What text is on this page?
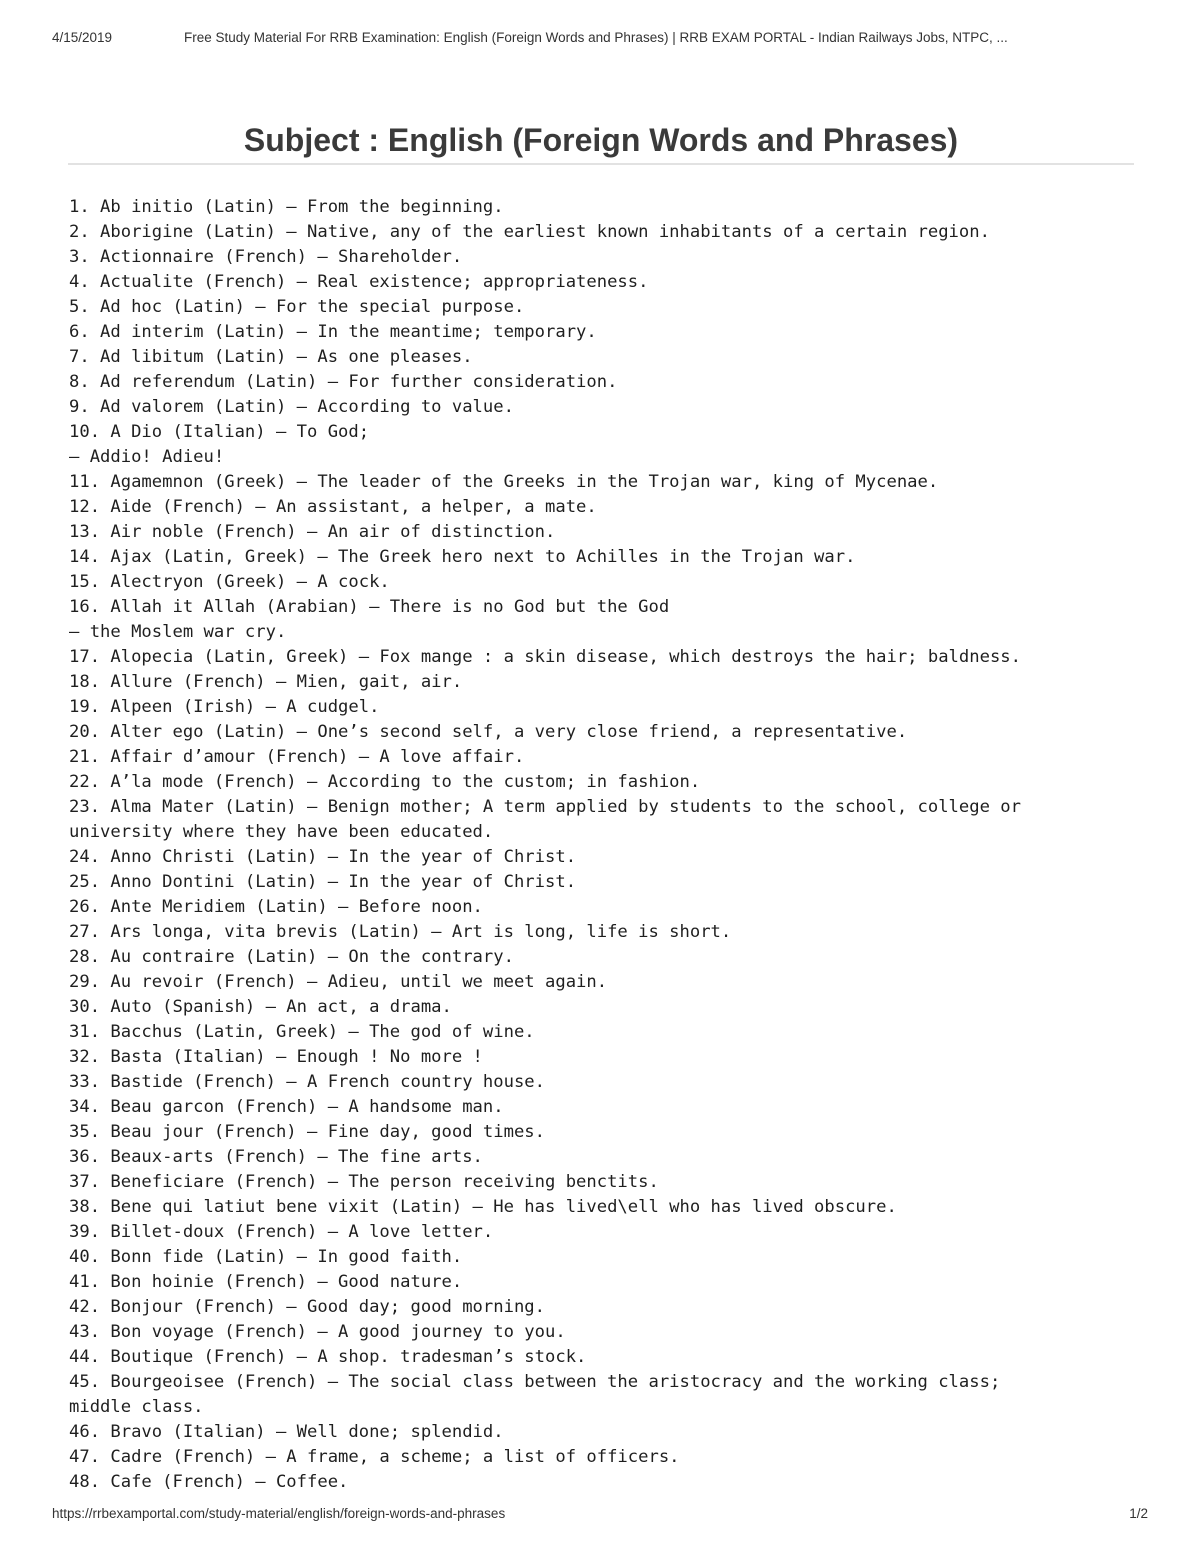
4/15/2019	Free Study Material For RRB Examination: English (Foreign Words and Phrases) | RRB EXAM PORTAL - Indian Railways Jobs, NTPC, ...
Subject : English (Foreign Words and Phrases)
1. Ab initio (Latin) – From the beginning.
2. Aborigine (Latin) – Native, any of the earliest known inhabitants of a certain region.
3. Actionnaire (French) – Shareholder.
4. Actualite (French) – Real existence; appropriateness.
5. Ad hoc (Latin) – For the special purpose.
6. Ad interim (Latin) – In the meantime; temporary.
7. Ad libitum (Latin) – As one pleases.
8. Ad referendum (Latin) – For further consideration.
9. Ad valorem (Latin) – According to value.
10. A Dio (Italian) – To God;
– Addio! Adieu!
11. Agamemnon (Greek) – The leader of the Greeks in the Trojan war, king of Mycenae.
12. Aide (French) – An assistant, a helper, a mate.
13. Air noble (French) – An air of distinction.
14. Ajax (Latin, Greek) – The Greek hero next to Achilles in the Trojan war.
15. Alectryon (Greek) – A cock.
16. Allah it Allah (Arabian) – There is no God but the God
– the Moslem war cry.
17. Alopecia (Latin, Greek) – Fox mange : a skin disease, which destroys the hair; baldness.
18. Allure (French) – Mien, gait, air.
19. Alpeen (Irish) – A cudgel.
20. Alter ego (Latin) – One’s second self, a very close friend, a representative.
21. Affair d’amour (French) – A love affair.
22. A’la mode (French) – According to the custom; in fashion.
23. Alma Mater (Latin) – Benign mother; A term applied by students to the school, college or
university where they have been educated.
24. Anno Christi (Latin) – In the year of Christ.
25. Anno Dontini (Latin) – In the year of Christ.
26. Ante Meridiem (Latin) – Before noon.
27. Ars longa, vita brevis (Latin) – Art is long, life is short.
28. Au contraire (Latin) – On the contrary.
29. Au revoir (French) – Adieu, until we meet again.
30. Auto (Spanish) – An act, a drama.
31. Bacchus (Latin, Greek) – The god of wine.
32. Basta (Italian) – Enough ! No more !
33. Bastide (French) – A French country house.
34. Beau garcon (French) – A handsome man.
35. Beau jour (French) – Fine day, good times.
36. Beaux-arts (French) – The fine arts.
37. Beneficiare (French) – The person receiving benctits.
38. Bene qui latiut bene vixit (Latin) – He has lived\ell who has lived obscure.
39. Billet-doux (French) – A love letter.
40. Bonn fide (Latin) – In good faith.
41. Bon hoinie (French) – Good nature.
42. Bonjour (French) – Good day; good morning.
43. Bon voyage (French) – A good journey to you.
44. Boutique (French) – A shop. tradesman’s stock.
45. Bourgeoisee (French) – The social class between the aristocracy and the working class;
middle class.
46. Bravo (Italian) – Well done; splendid.
47. Cadre (French) – A frame, a scheme; a list of officers.
48. Cafe (French) – Coffee.
https://rrbexamportal.com/study-material/english/foreign-words-and-phrases	1/2
